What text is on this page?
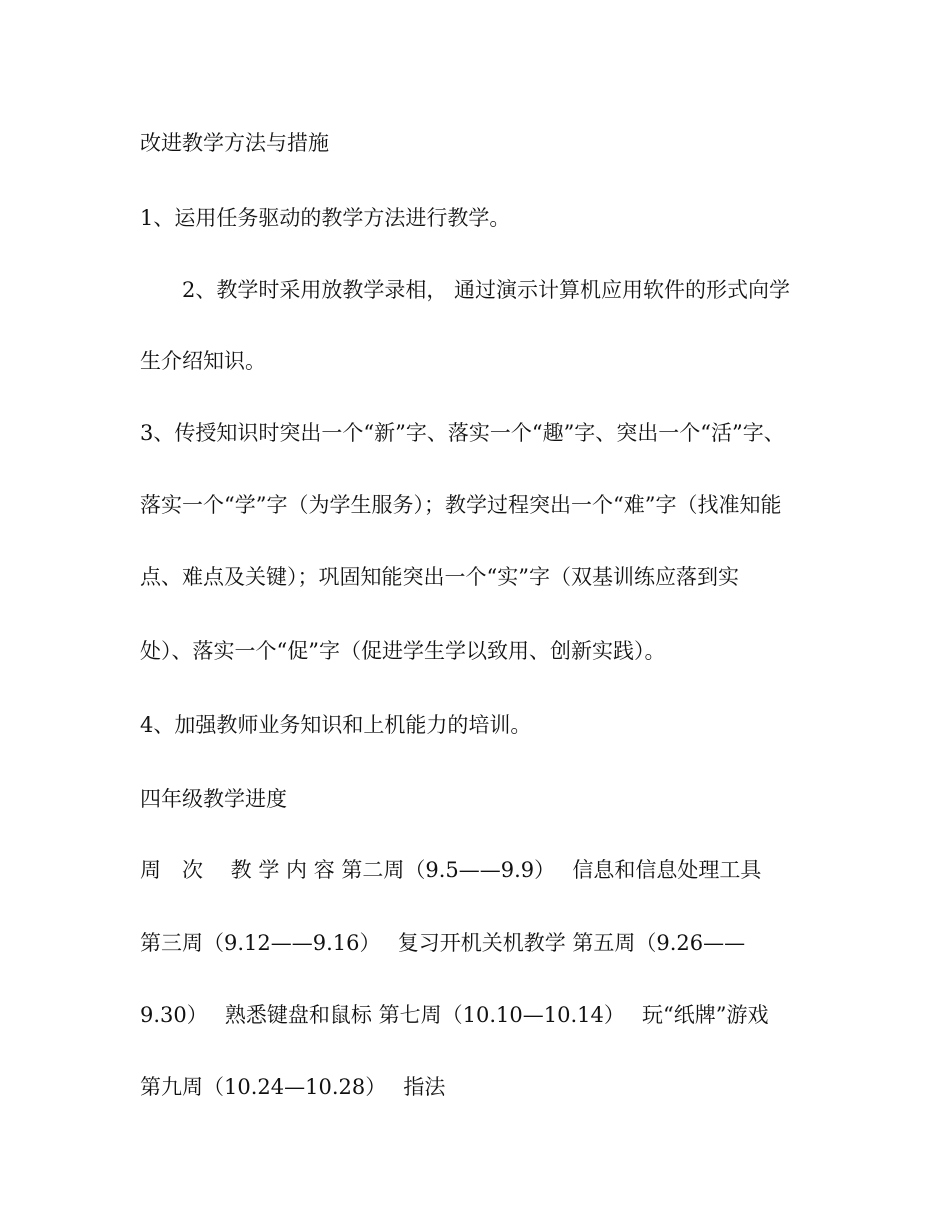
改进教学方法与措施
1、运用任务驱动的教学方法进行教学。
2、教学时采用放教学录相， 通过演示计算机应用软件的形式向学
生介绍知识。
3、传授知识时突出一个“新”字、落实一个“趣”字、突出一个“活”字、
落实一个“学”字（为学生服务）；教学过程突出一个“难”字（找准知能
点、难点及关键）；巩固知能突出一个“实”字（双基训练应落到实
处）、落实一个“促”字（促进学生学以致用、创新实践）。
4、加强教师业务知识和上机能力的培训。
四年级教学进度
周　次　 教 学 内 容 第二周（9.5——9.9）　 信息和信息处理工具
第三周（9.12——9.16）　 复习开机关机教学 第五周（9.26——
9.30）　 熟悉键盘和鼠标 第七周（10.10—10.14）　 玩“纸牌”游戏
第九周（10.24—10.28）　 指法
